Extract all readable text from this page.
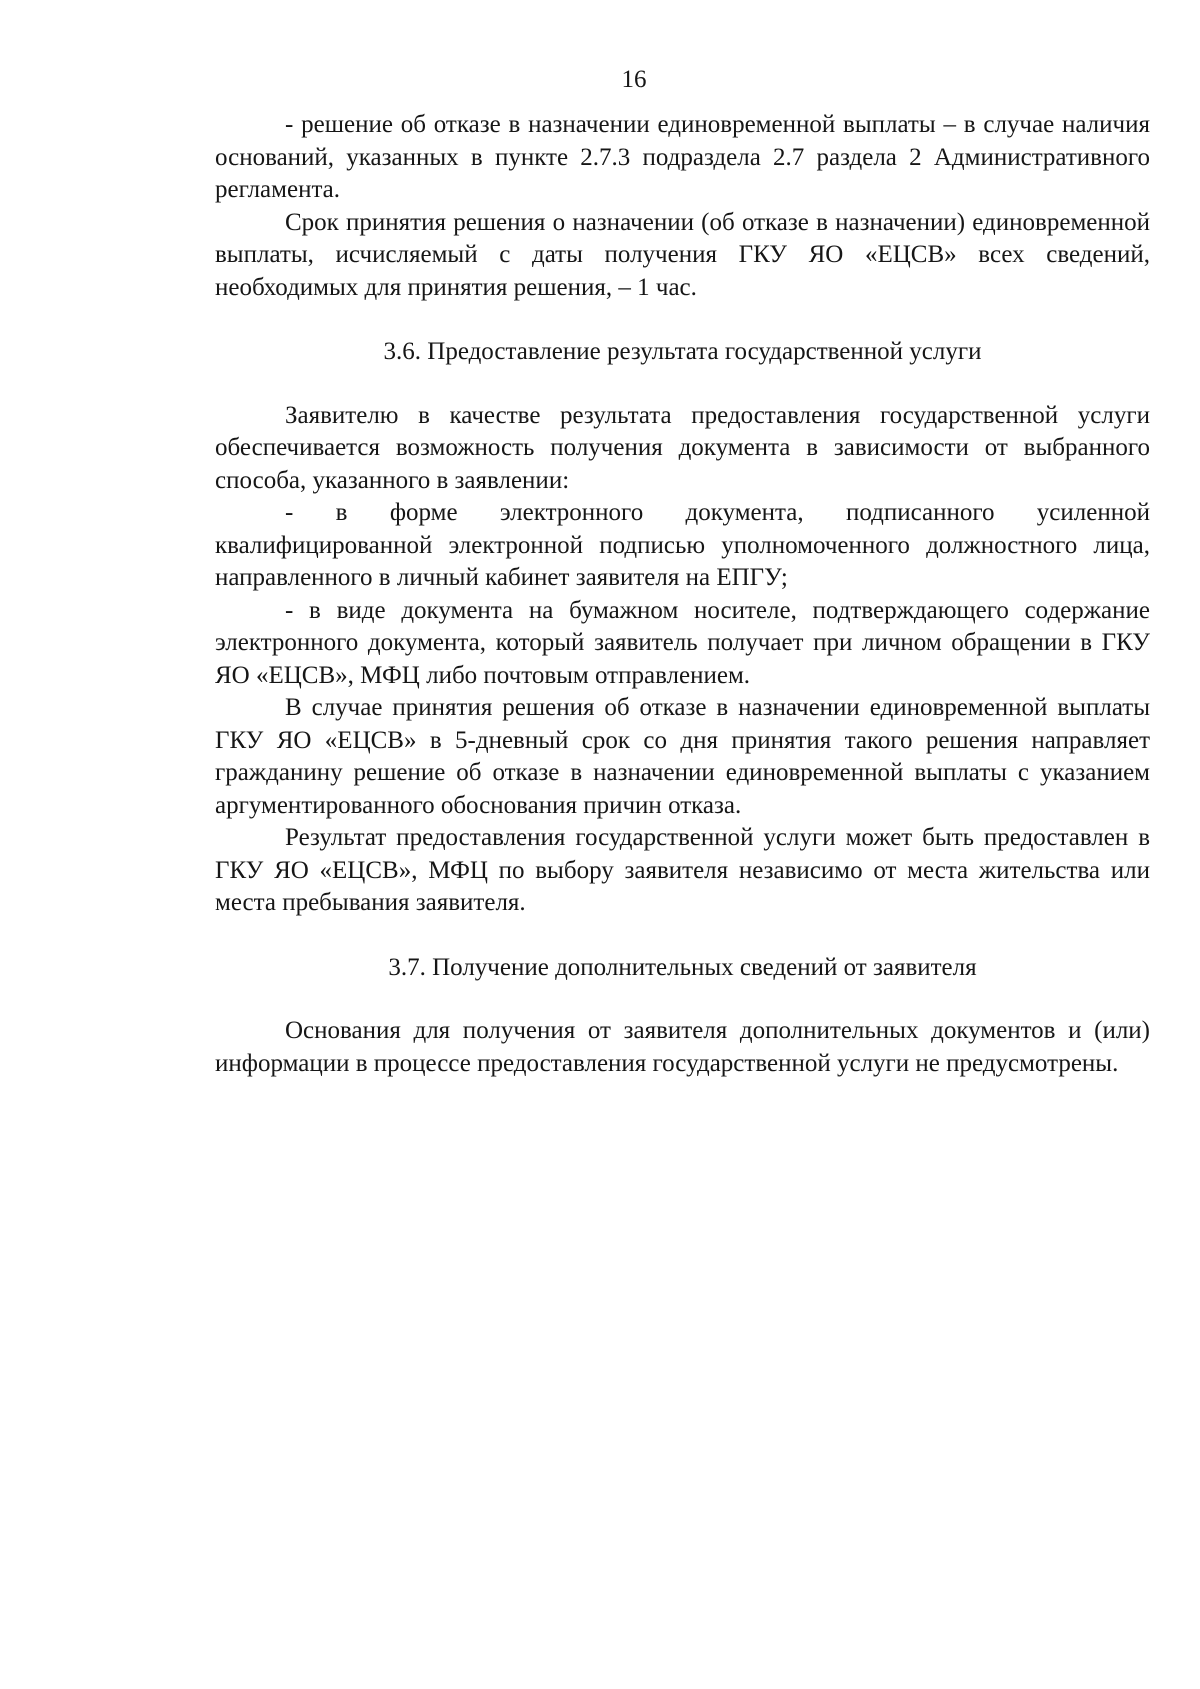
16

- решение об отказе в назначении единовременной выплаты – в случае наличия оснований, указанных в пункте 2.7.3 подраздела 2.7 раздела 2 Административного регламента.

Срок принятия решения о назначении (об отказе в назначении) единовременной выплаты, исчисляемый с даты получения ГКУ ЯО «ЕЦСВ» всех сведений, необходимых для принятия решения, – 1 час.

3.6. Предоставление результата государственной услуги

Заявителю в качестве результата предоставления государственной услуги обеспечивается возможность получения документа в зависимости от выбранного способа, указанного в заявлении:

- в форме электронного документа, подписанного усиленной квалифицированной электронной подписью уполномоченного должностного лица, направленного в личный кабинет заявителя на ЕПГУ;

- в виде документа на бумажном носителе, подтверждающего содержание электронного документа, который заявитель получает при личном обращении в ГКУ ЯО «ЕЦСВ», МФЦ либо почтовым отправлением.

В случае принятия решения об отказе в назначении единовременной выплаты ГКУ ЯО «ЕЦСВ» в 5-дневный срок со дня принятия такого решения направляет гражданину решение об отказе в назначении единовременной выплаты с указанием аргументированного обоснования причин отказа.

Результат предоставления государственной услуги может быть предоставлен в ГКУ ЯО «ЕЦСВ», МФЦ по выбору заявителя независимо от места жительства или места пребывания заявителя.

3.7. Получение дополнительных сведений от заявителя

Основания для получения от заявителя дополнительных документов и (или) информации в процессе предоставления государственной услуги не предусмотрены.
